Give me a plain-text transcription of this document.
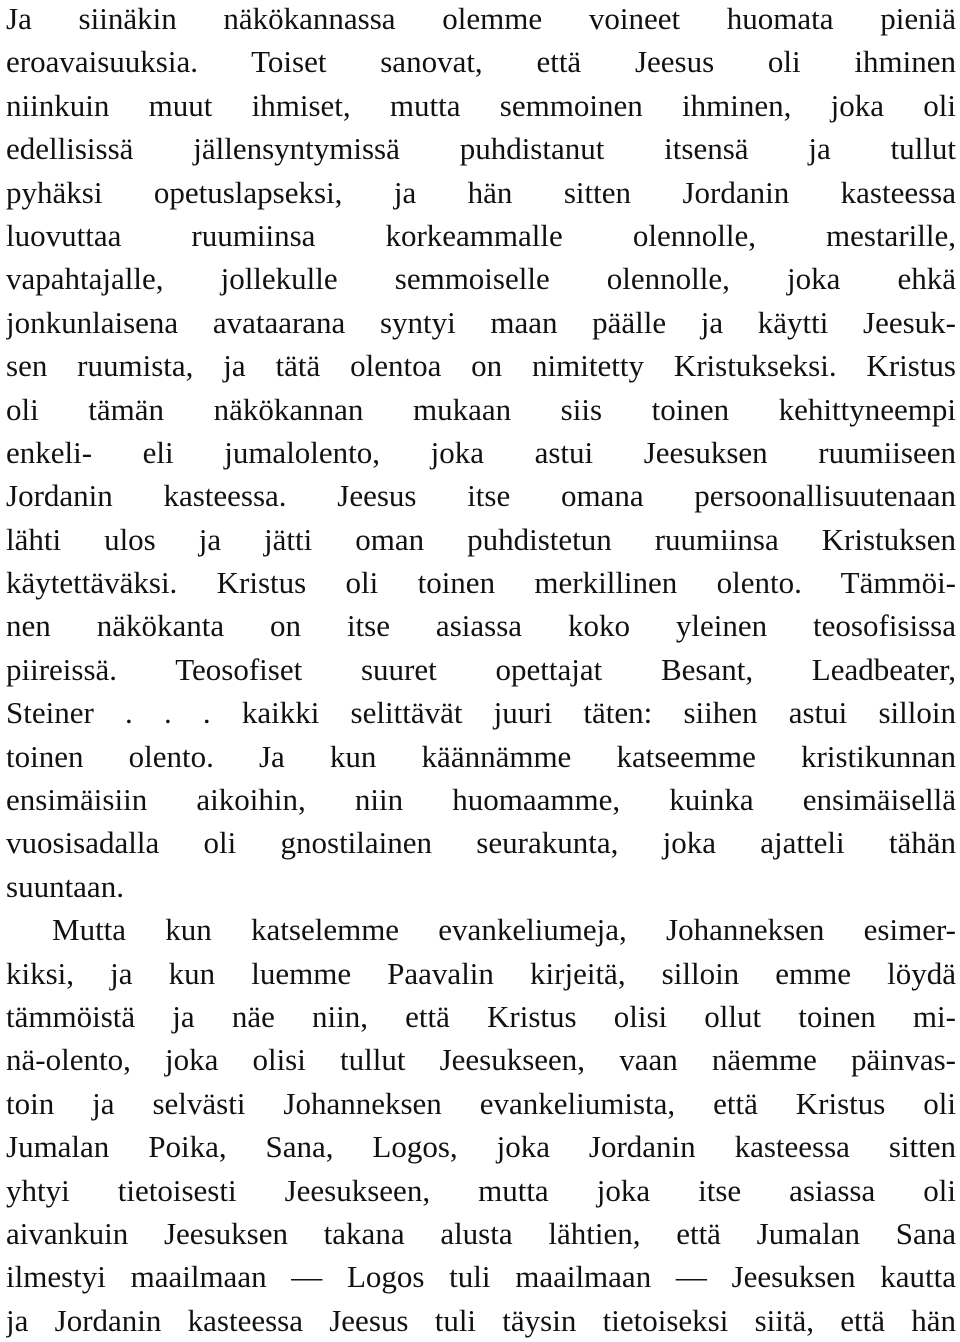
Ja siinäkin näkökannassa olemme voineet huomata pieniä
eroavaisuuksia. Toiset sanovat, että Jeesus oli ihminen
niinkuin muut ihmiset, mutta semmoinen ihminen, joka oli
edellisissä jällensyntymissä puhdistanut itsensä ja tullut
pyhäksi opetuslapseksi, ja hän sitten Jordanin kasteessa
luovuttaa ruumiinsa korkeammalle olennolle, mestarille,
vapahtajalle, jollekulle semmoiselle olennolle, joka ehkä
jonkunlaisena avataarana syntyi maan päälle ja käytti Jeesuk-
sen ruumista, ja tätä olentoa on nimitetty Kristukseksi. Kristus
oli tämän näkökannan mukaan siis toinen kehittyneempi
enkeli- eli jumalolento, joka astui Jeesuksen ruumiiseen
Jordanin kasteessa. Jeesus itse omana persoonallisuutenaan
lähti ulos ja jätti oman puhdistetun ruumiinsa Kristuksen
käytettäväksi. Kristus oli toinen merkillinen olento. Tämmöi-
nen näkökanta on itse asiassa koko yleinen teosofisissa
piireissä. Teosofiset suuret opettajat Besant, Leadbeater,
Steiner . . . kaikki selittävät juuri täten: siihen astui silloin
toinen olento. Ja kun käännämme katseemme kristikunnan
ensimäisiin aikoihin, niin huomaamme, kuinka ensimäisellä
vuosisadalla oli gnostilainen seurakunta, joka ajatteli tähän
suuntaan.
Mutta kun katselemme evankeliumeja, Johanneksen esimer-
kiksi, ja kun luemme Paavalin kirjeitä, silloin emme löydä
tämmöistä ja näe niin, että Kristus olisi ollut toinen mi-
nä-olento, joka olisi tullut Jeesukseen, vaan näemme päinvas-
toin ja selvästi Johanneksen evankeliumista, että Kristus oli
Jumalan Poika, Sana, Logos, joka Jordanin kasteessa sitten
yhtyi tietoisesti Jeesukseen, mutta joka itse asiassa oli
aivankuin Jeesuksen takana alusta lähtien, että Jumalan Sana
ilmestyi maailmaan — Logos tuli maailmaan — Jeesuksen kautta
ja Jordanin kasteessa Jeesus tuli täysin tietoiseksi siitä, että hän
